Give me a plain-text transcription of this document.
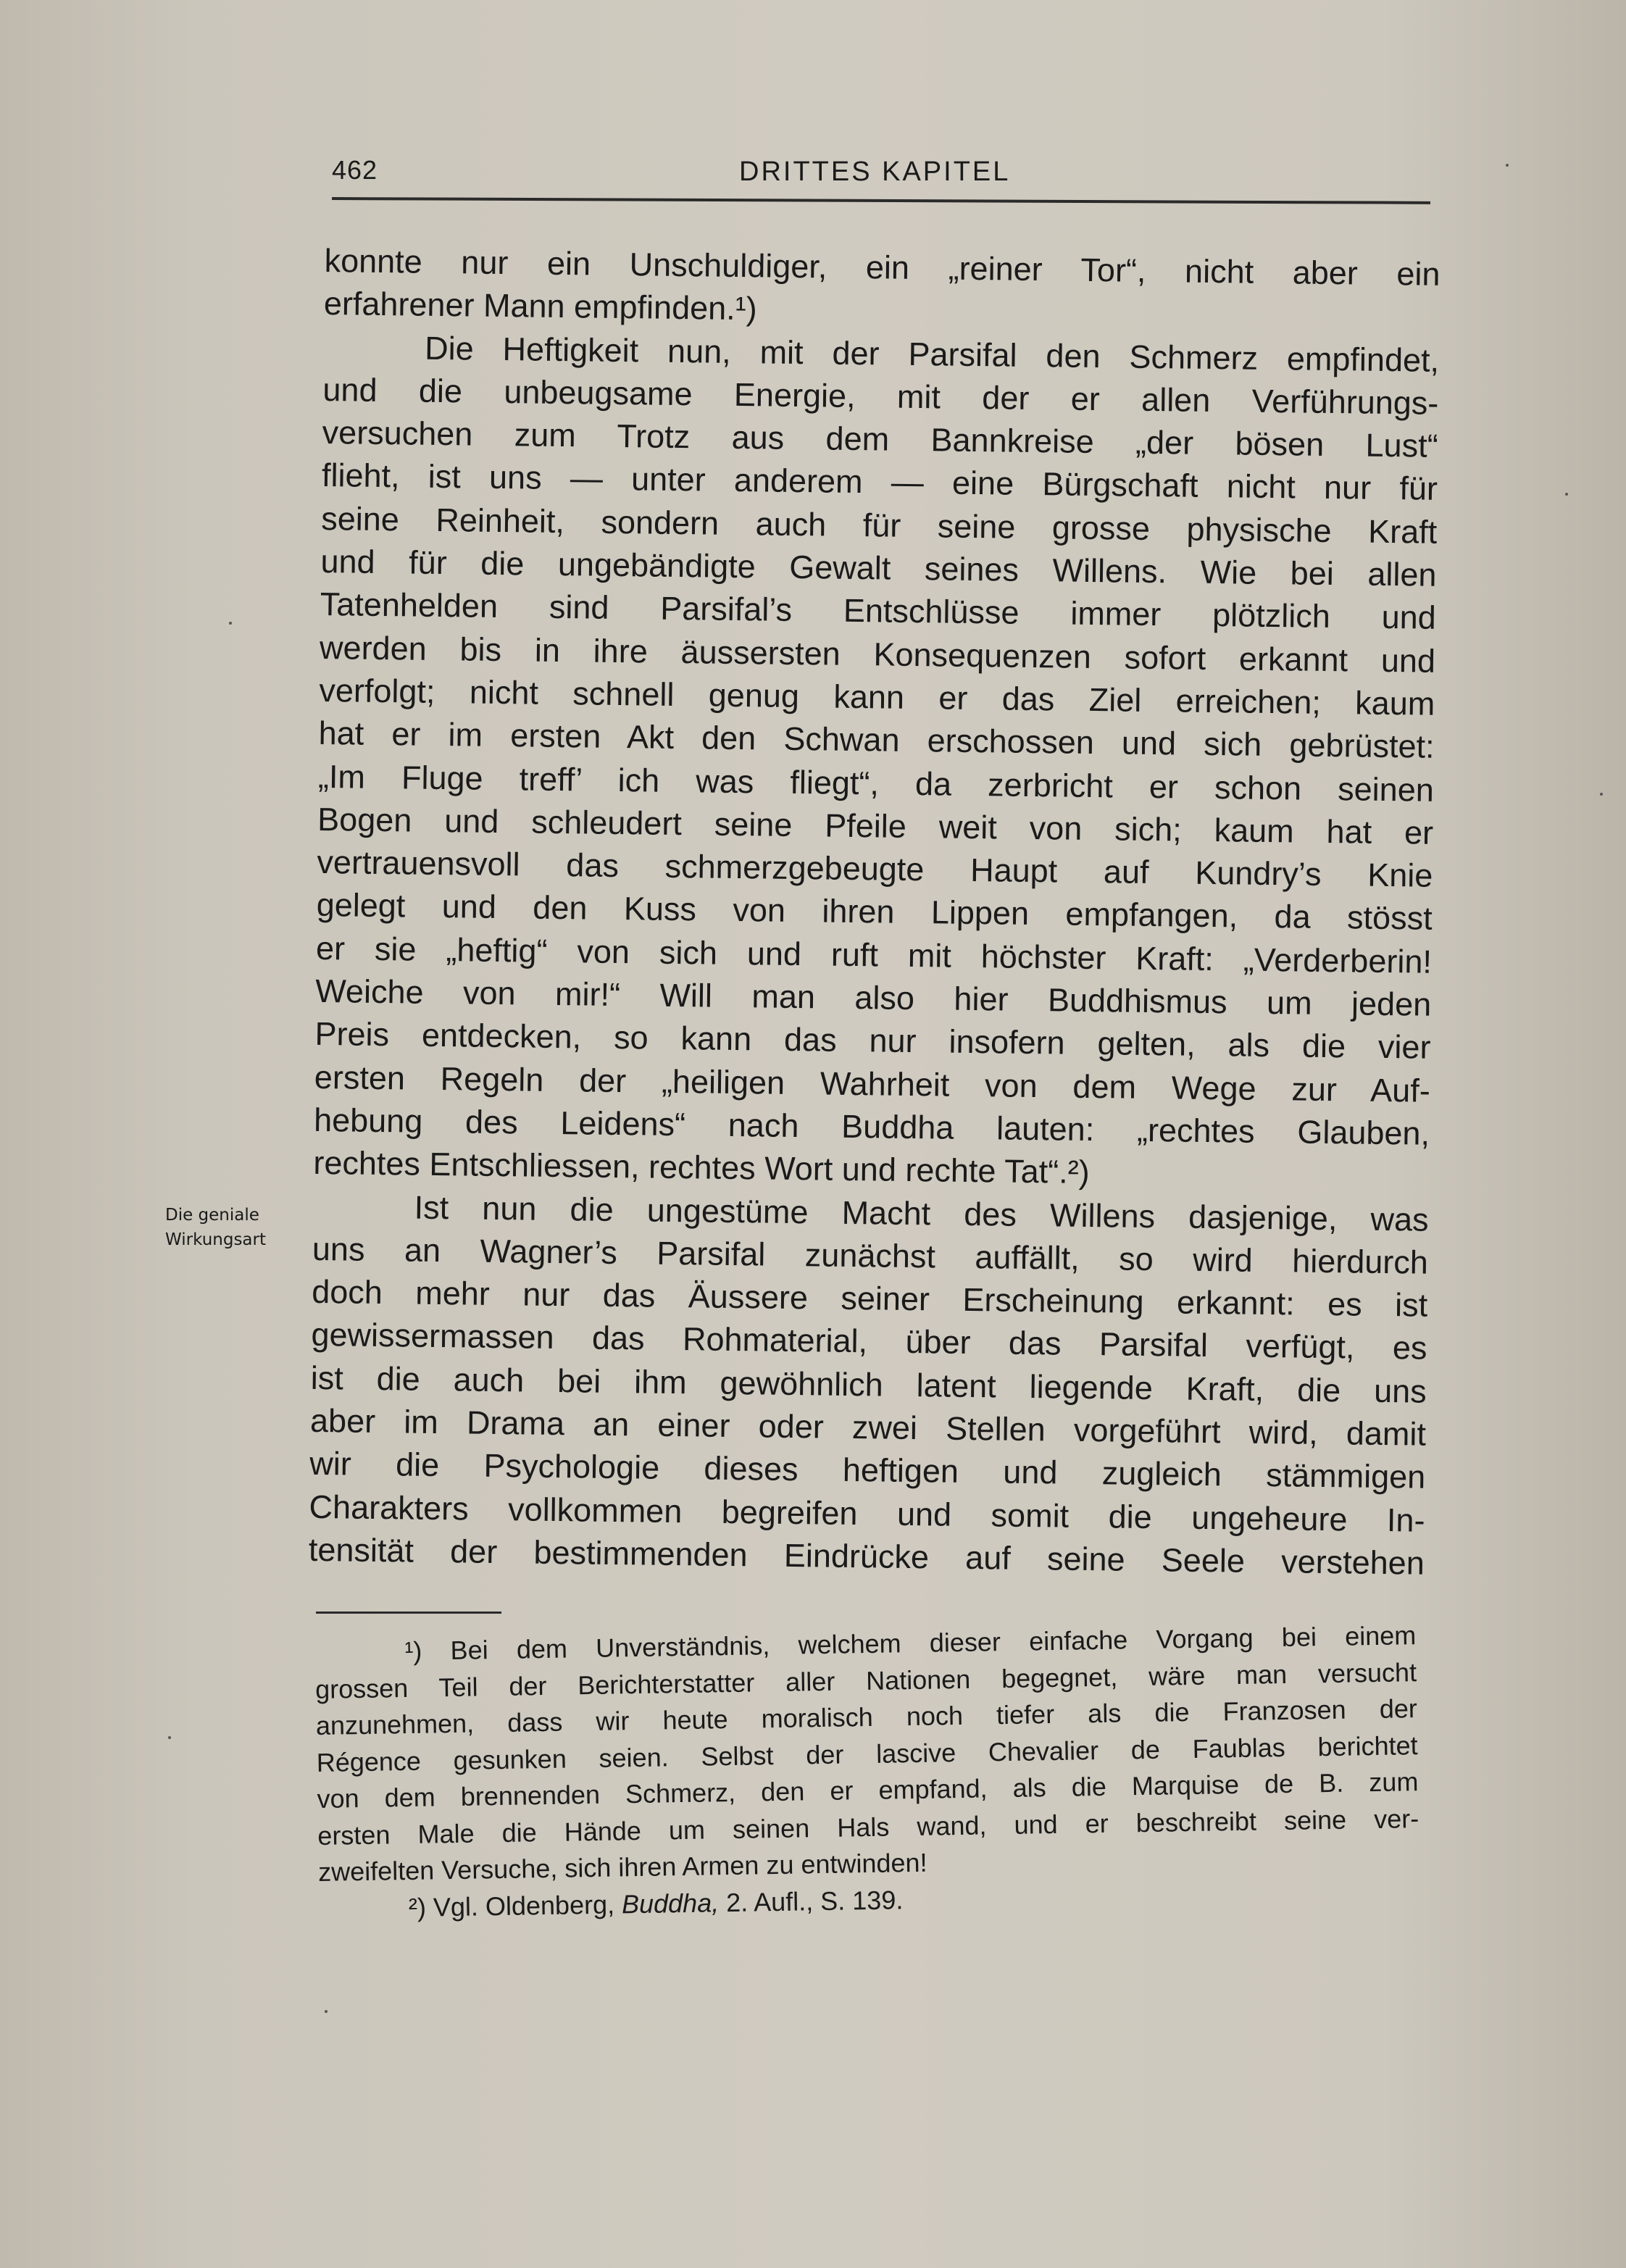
462	DRITTES KAPITEL
Die geniale
Wirkungsart
konnte nur ein Unschuldiger, ein „reiner Tor“, nicht aber ein
erfahrener Mann empfinden.¹)
Die Heftigkeit nun, mit der Parsifal den Schmerz empfindet,
und die unbeugsame Energie, mit der er allen Verführungs-
versuchen zum Trotz aus dem Bannkreise „der bösen Lust“
flieht, ist uns — unter anderem — eine Bürgschaft nicht nur für
seine Reinheit, sondern auch für seine grosse physische Kraft
und für die ungebändigte Gewalt seines Willens. Wie bei allen
Tatenhelden sind Parsifal’s Entschlüsse immer plötzlich und
werden bis in ihre äussersten Konsequenzen sofort erkannt und
verfolgt; nicht schnell genug kann er das Ziel erreichen; kaum
hat er im ersten Akt den Schwan erschossen und sich gebrüstet:
„Im Fluge treff’ ich was fliegt“, da zerbricht er schon seinen
Bogen und schleudert seine Pfeile weit von sich; kaum hat er
vertrauensvoll das schmerzgebeugte Haupt auf Kundry’s Knie
gelegt und den Kuss von ihren Lippen empfangen, da stösst
er sie „heftig“ von sich und ruft mit höchster Kraft: „Verderberin!
Weiche von mir!“ Will man also hier Buddhismus um jeden
Preis entdecken, so kann das nur insofern gelten, als die vier
ersten Regeln der „heiligen Wahrheit von dem Wege zur Auf-
hebung des Leidens“ nach Buddha lauten: „rechtes Glauben,
rechtes Entschliessen, rechtes Wort und rechte Tat“.²)
Ist nun die ungestüme Macht des Willens dasjenige, was
uns an Wagner’s Parsifal zunächst auffällt, so wird hierdurch
doch mehr nur das Äussere seiner Erscheinung erkannt: es ist
gewissermassen das Rohmaterial, über das Parsifal verfügt, es
ist die auch bei ihm gewöhnlich latent liegende Kraft, die uns
aber im Drama an einer oder zwei Stellen vorgeführt wird, damit
wir die Psychologie dieses heftigen und zugleich stämmigen
Charakters vollkommen begreifen und somit die ungeheure In-
tensität der bestimmenden Eindrücke auf seine Seele verstehen
¹) Bei dem Unverständnis, welchem dieser einfache Vorgang bei einem
grossen Teil der Berichterstatter aller Nationen begegnet, wäre man versucht
anzunehmen, dass wir heute moralisch noch tiefer als die Franzosen der
Régence gesunken seien. Selbst der lascive Chevalier de Faublas berichtet
von dem brennenden Schmerz, den er empfand, als die Marquise de B. zum
ersten Male die Hände um seinen Hals wand, und er beschreibt seine ver-
zweifelten Versuche, sich ihren Armen zu entwinden!
²) Vgl. Oldenberg, Buddha, 2. Aufl., S. 139.
